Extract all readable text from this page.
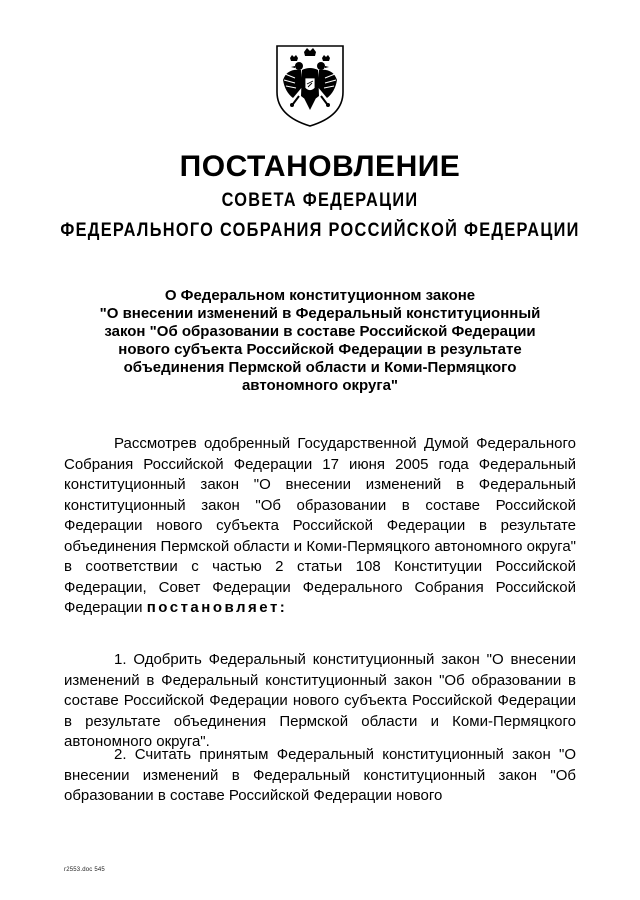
ПОСТАНОВЛЕНИЕ
СОВЕТА ФЕДЕРАЦИИ
ФЕДЕРАЛЬНОГО СОБРАНИЯ РОССИЙСКОЙ ФЕДЕРАЦИИ
О Федеральном конституционном законе
"О внесении изменений в Федеральный конституционный
закон "Об образовании в составе Российской Федерации
нового субъекта Российской Федерации в результате
объединения Пермской области и Коми-Пермяцкого
автономного округа"
Рассмотрев одобренный Государственной Думой Федерального Собрания Российской Федерации 17 июня 2005 года Федеральный конституционный закон "О внесении изменений в Федеральный конституционный закон "Об образовании в составе Российской Федерации нового субъекта Российской Федерации в результате объединения Пермской области и Коми-Пермяцкого автономного округа" в соответствии с частью 2 статьи 108 Конституции Российской Федерации, Совет Федерации Федерального Собрания Российской Федерации постановляет:
1. Одобрить Федеральный конституционный закон "О внесении изменений в Федеральный конституционный закон "Об образовании в составе Российской Федерации нового субъекта Российской Федерации в результате объединения Пермской области и Коми-Пермяцкого автономного округа".
2. Считать принятым Федеральный конституционный закон "О внесении изменений в Федеральный конституционный закон "Об образовании в составе Российской Федерации нового
r2553.doc 545
